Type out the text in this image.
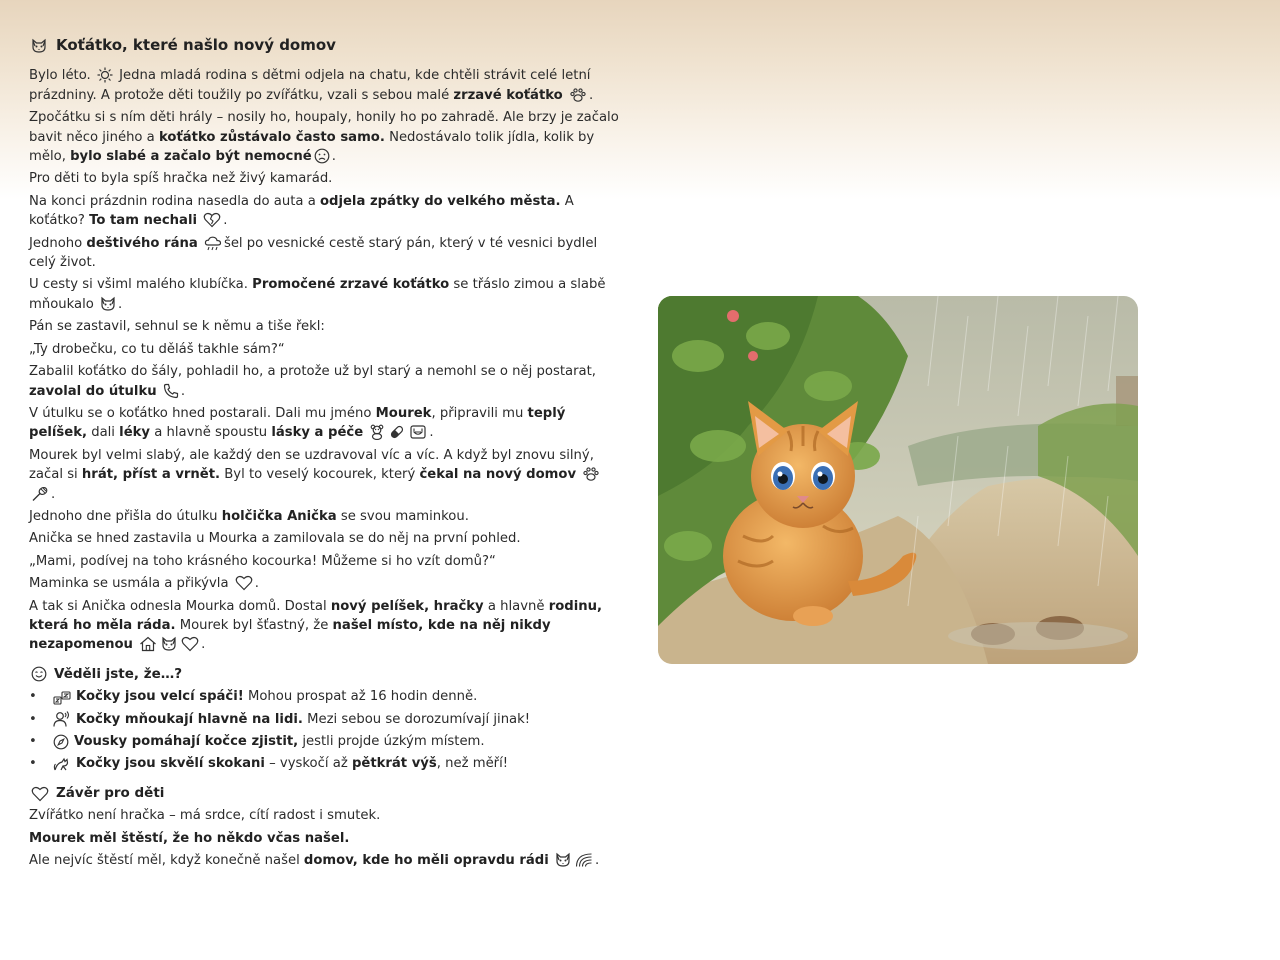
Koťátko, které našlo nový domov

Bylo léto.
Jedna mladá rodina s dětmi odjela na chatu, kde chtěli strávit celé letní prázdniny. A protože děti toužily po zvířátku, vzali s sebou malé zrzavé koťátko .

Zpočátku si s ním děti hrály – nosily ho, houpaly, honily ho po zahradě. Ale brzy je začalo bavit něco jiného a koťátko zůstávalo často samo. Nedostávalo tolik jídla, kolik by mělo, bylo slabé a začalo být nemocné .

Pro děti to byla spíš hračka než živý kamarád.

Na konci prázdnin rodina nasedla do auta a odjela zpátky do velkého města. A koťátko? To tam nechali .

Jednoho deštivého rána šel po vesnické cestě starý pán, který v té vesnici bydlel celý život.

U cesty si všiml malého klubíčka. Promočené zrzavé koťátko se třáslo zimou a slabě mňoukalo
.

Pán se zastavil, sehnul se k němu a tiše řekl:

„Ty drobečku, co tu děláš takhle sám?“

Zabalil koťátko do šály, pohladil ho, a protože už byl starý a nemohl se o něj postarat, zavolal do útulku .

V útulku se o koťátko hned postarali. Dali mu jméno Mourek, připravili mu teplý pelíšek, dali léky a hlavně spoustu lásky a péče	.

Mourek byl velmi slabý, ale každý den se uzdravoval víc a víc. A když byl znovu silný, začal si hrát, příst a vrnět. Byl to veselý kocourek, který čekal na nový domov
.

Jednoho dne přišla do útulku holčička Anička se svou maminkou.

Anička se hned zastavila u Mourka a zamilovala se do něj na první pohled.

„Mami, podívej na toho krásného kocourka! Můžeme si ho vzít domů?“

Maminka se usmála a přikývla
.

A tak si Anička odnesla Mourka domů. Dostal nový pelíšek, hračky a hlavně rodinu, která ho měla ráda. Mourek byl šťastný, že našel místo, kde na něj nikdy nezapomenou	.

Věděli jste, že…?
• Kočky jsou velcí spáči! Mohou prospat až 16 hodin denně.
• Kočky mňoukají hlavně na lidi. Mezi sebou se dorozumívají jinak!
• Vousky pomáhají kočce zjistit, jestli projde úzkým místem.
• Kočky jsou skvělí skokani – vyskočí až pětkrát výš, než měří!
Závěr pro děti

Zvířátko není hračka – má srdce, cítí radost i smutek.

Mourek měl štěstí, že ho někdo včas našel.

Ale nejvíc štěstí měl, když konečně našel domov, kde ho měli opravdu rádi	.
